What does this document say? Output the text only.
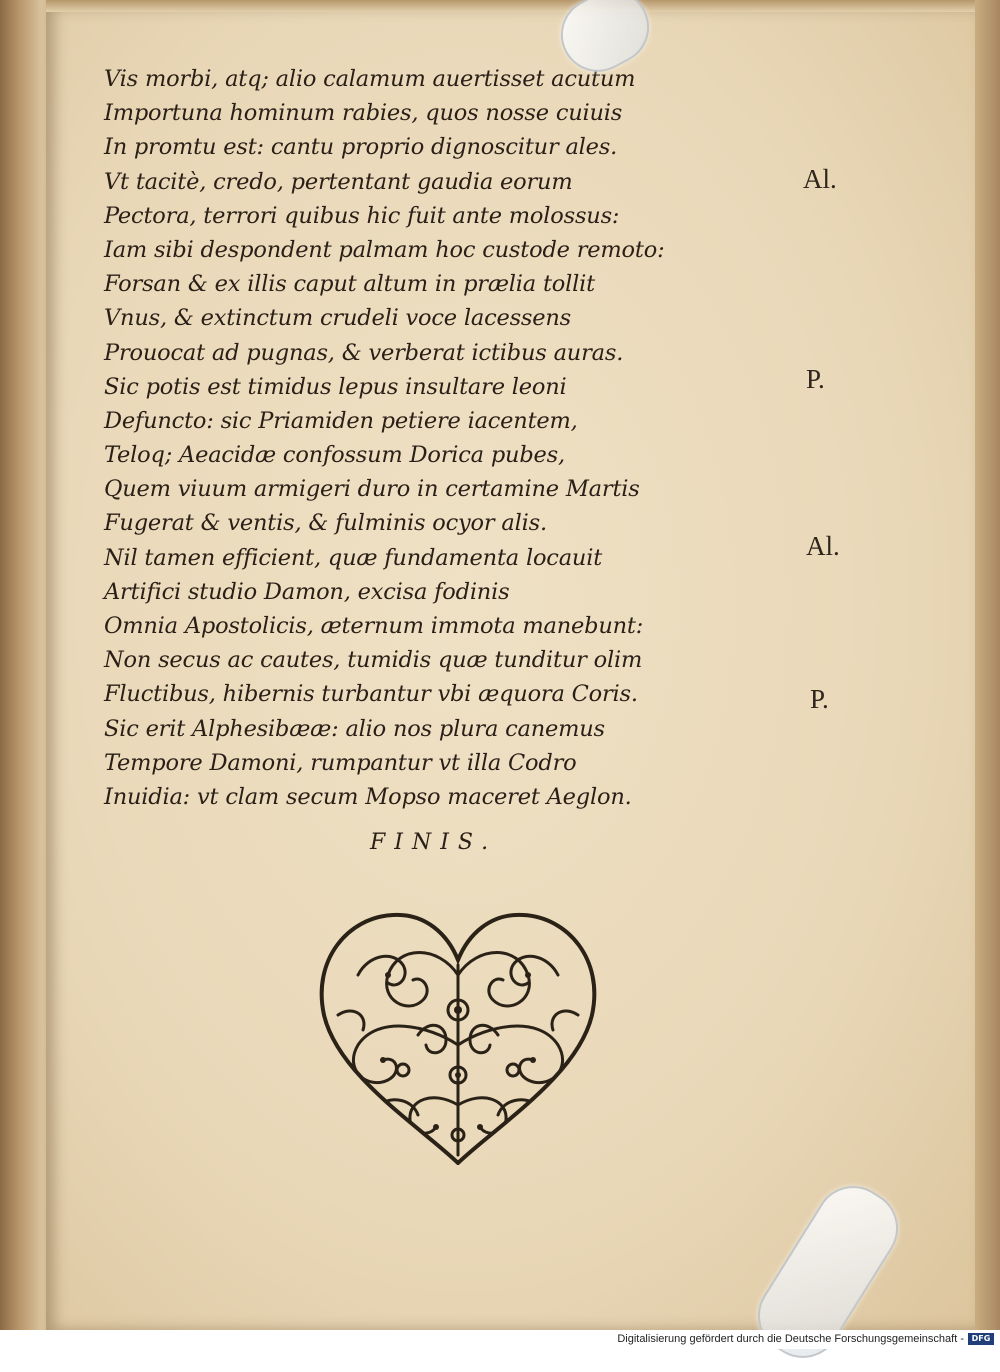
Vis morbi, atq; alio calamum auertisset acutum
Importuna hominum rabies, quos nosse cuiuis
In promtu est: cantu proprio dignoscitur ales.
Vt tacitè, credo, pertentant gaudia eorum
Pectora, terrori quibus hic fuit ante molossus:
Iam sibi despondent palmam hoc custode remoto:
Forsan & ex illis caput altum in prælia tollit
Vnus, & extinctum crudeli voce lacessens
Prouocat ad pugnas, & verberat ictibus auras.
Sic potis est timidus lepus insultare leoni
Defuncto: sic Priamiden petiere iacentem,
Teloq; Aeacidæ confossum Dorica pubes,
Quem viuum armigeri duro in certamine Martis
Fugerat & ventis, & fulminis ocyor alis.
Nil tamen efficient, quæ fundamenta locauit
Artifici studio Damon, excisa fodinis
Omnia Apostolicis, æternum immota manebunt:
Non secus ac cautes, tumidis quæ tunditur olim
Fluctibus, hibernis turbantur vbi æquora Coris.
Sic erit Alphesibææ: alio nos plura canemus
Tempore Damoni, rumpantur vt illa Codro
Inuidia: vt clam secum Mopso maceret Aeglon.
Al.
P.
Al.
P.
FINIS.
Digitalisierung gefördert durch die Deutsche Forschungsgemeinschaft - DFG
